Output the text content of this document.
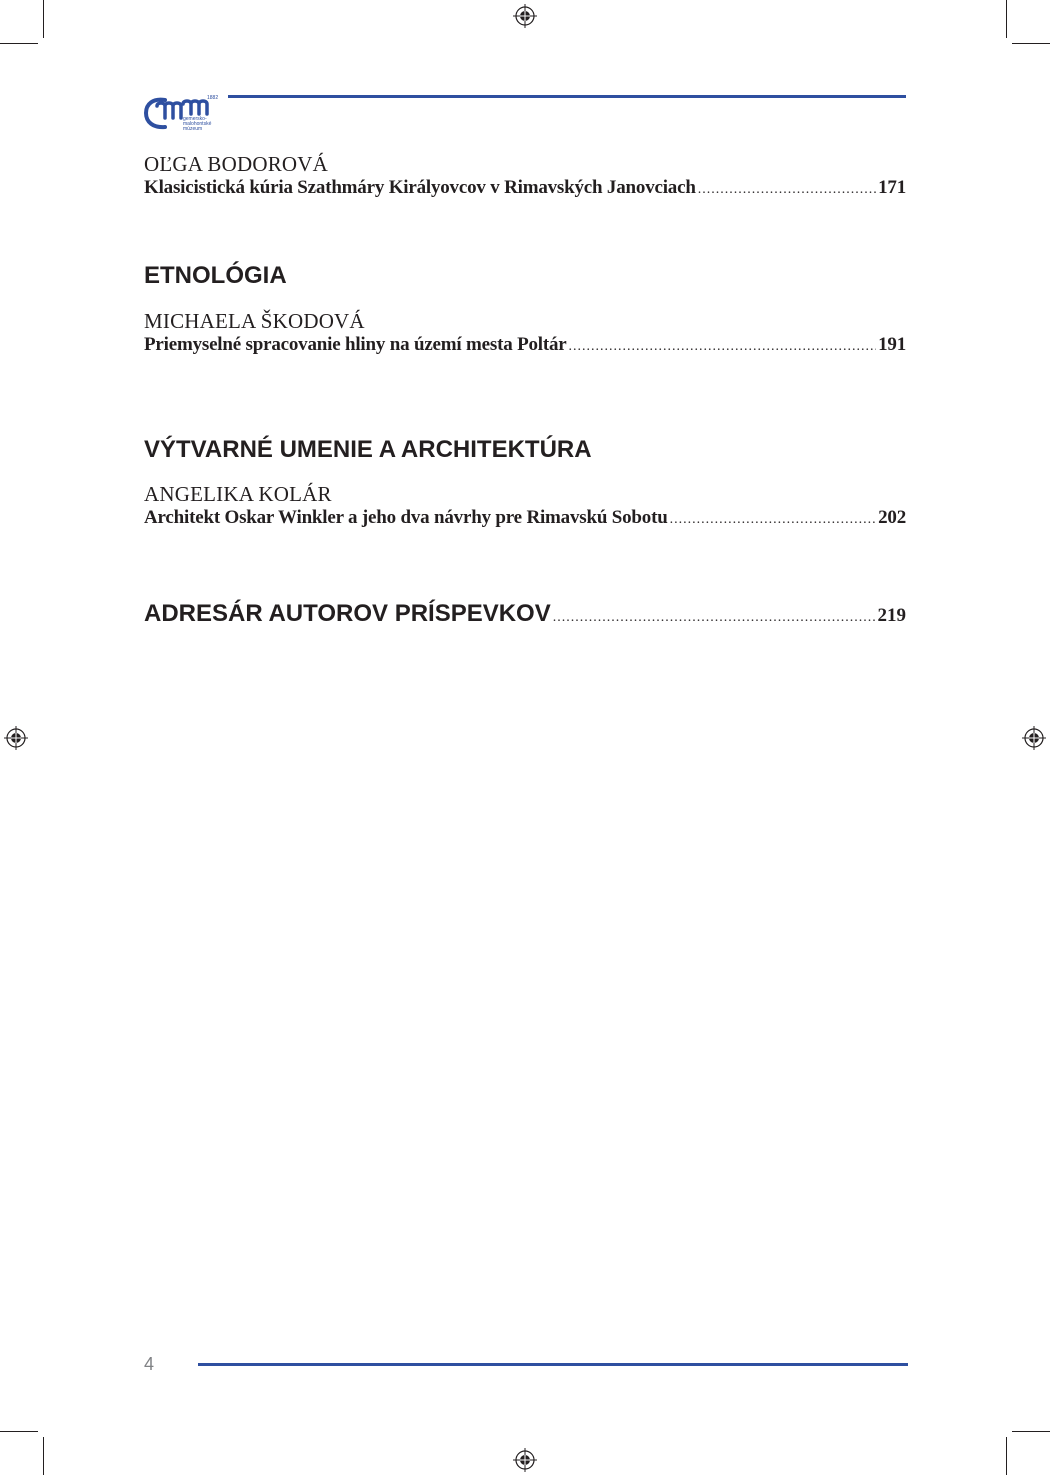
1882
gemersko-
malohontské
múzeum
OĽGA BODOROVÁ
Klasicistická kúria Szathmáry Királyovcov v Rimavských Janovciach .....	171
ETNOLÓGIA
MICHAELA ŠKODOVÁ
Priemyselné spracovanie hliny na území mesta Poltár .....	191
VÝTVARNÉ UMENIE A ARCHITEKTÚRA
ANGELIKA KOLÁR
Architekt Oskar Winkler a jeho dva návrhy pre Rimavskú Sobotu .....	202
ADRESÁR AUTOROV PRÍSPEVKOV .....	219
4
